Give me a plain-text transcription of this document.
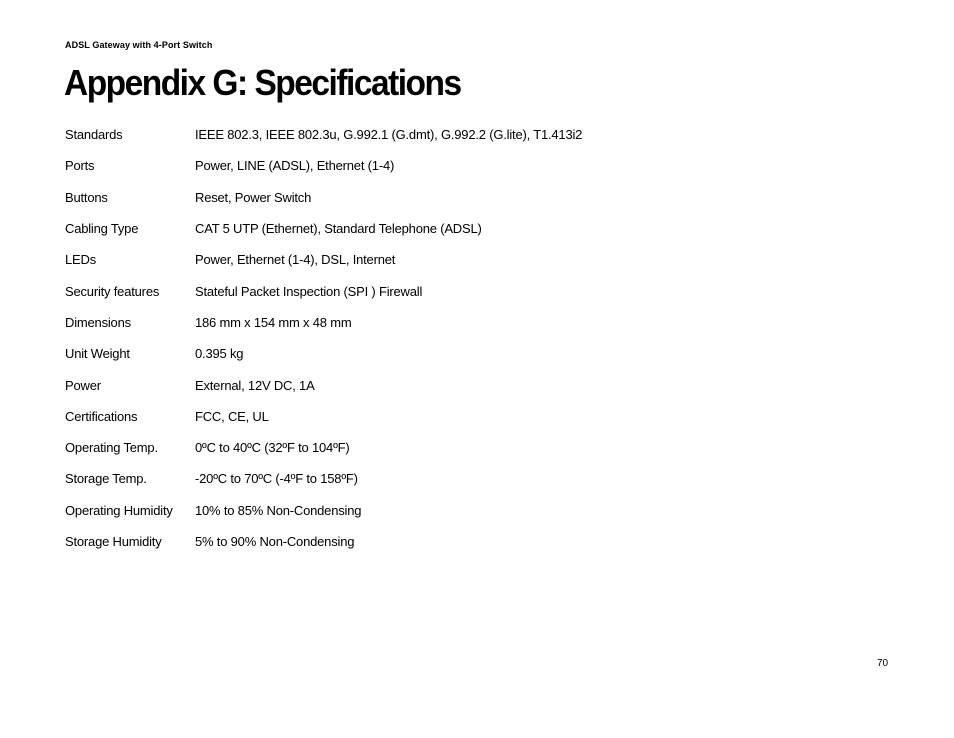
ADSL Gateway with 4-Port Switch
Appendix G: Specifications
Standards	IEEE 802.3, IEEE 802.3u, G.992.1 (G.dmt), G.992.2 (G.lite), T1.413i2
Ports	Power, LINE (ADSL), Ethernet (1-4)
Buttons	Reset, Power Switch
Cabling Type	CAT 5 UTP (Ethernet), Standard Telephone (ADSL)
LEDs	Power, Ethernet (1-4), DSL, Internet
Security features	Stateful Packet Inspection (SPI ) Firewall
Dimensions	186 mm x 154 mm x 48 mm
Unit Weight	0.395 kg
Power	External, 12V DC, 1A
Certifications	FCC, CE, UL
Operating Temp.	0ºC to 40ºC (32ºF to 104ºF)
Storage Temp.	-20ºC to 70ºC (-4ºF to 158ºF)
Operating Humidity	10% to 85% Non-Condensing
Storage Humidity	5% to 90% Non-Condensing
70
